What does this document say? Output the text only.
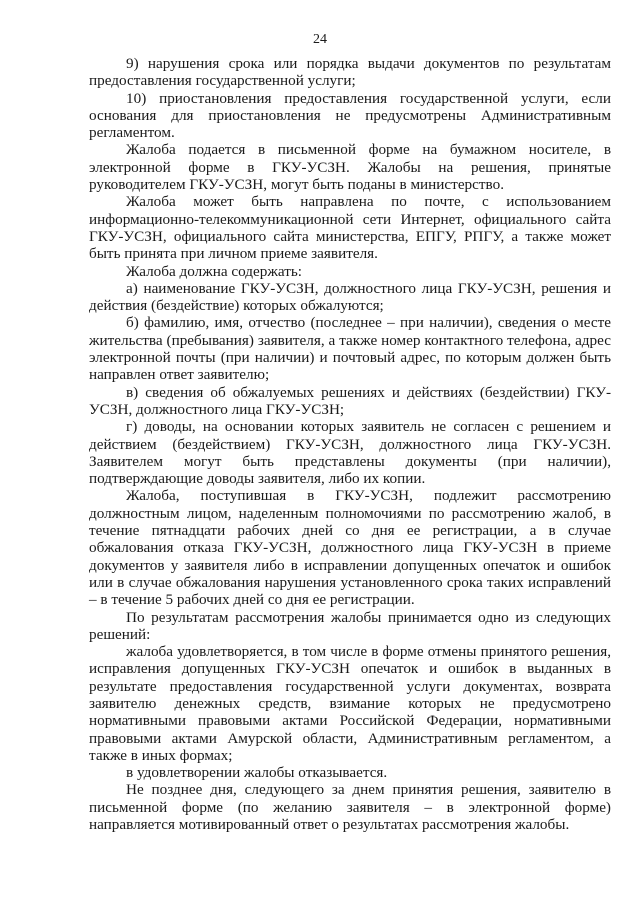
24

9) нарушения срока или порядка выдачи документов по результатам предоставления государственной услуги;

10) приостановления предоставления государственной услуги, если основания для приостановления не предусмотрены Административным регламентом.

Жалоба подается в письменной форме на бумажном носителе, в электронной форме в ГКУ-УСЗН. Жалобы на решения, принятые руководителем ГКУ-УСЗН, могут быть поданы в министерство.

Жалоба может быть направлена по почте, с использованием информационно-телекоммуникационной сети Интернет, официального сайта ГКУ-УСЗН, официального сайта министерства, ЕПГУ, РПГУ, а также может быть принята при личном приеме заявителя.

Жалоба должна содержать:

а) наименование ГКУ-УСЗН, должностного лица ГКУ-УСЗН, решения и действия (бездействие) которых обжалуются;

б) фамилию, имя, отчество (последнее – при наличии), сведения о месте жительства (пребывания) заявителя, а также номер контактного телефона, адрес электронной почты (при наличии) и почтовый адрес, по которым должен быть направлен ответ заявителю;

в) сведения об обжалуемых решениях и действиях (бездействии) ГКУ-УСЗН, должностного лица ГКУ-УСЗН;

г) доводы, на основании которых заявитель не согласен с решением и действием (бездействием) ГКУ-УСЗН, должностного лица ГКУ-УСЗН. Заявителем могут быть представлены документы (при наличии), подтверждающие доводы заявителя, либо их копии.

Жалоба, поступившая в ГКУ-УСЗН, подлежит рассмотрению должностным лицом, наделенным полномочиями по рассмотрению жалоб, в течение пятнадцати рабочих дней со дня ее регистрации, а в случае обжалования отказа ГКУ-УСЗН, должностного лица ГКУ-УСЗН в приеме документов у заявителя либо в исправлении допущенных опечаток и ошибок или в случае обжалования нарушения установленного срока таких исправлений – в течение 5 рабочих дней со дня ее регистрации.

По результатам рассмотрения жалобы принимается одно из следующих решений:

жалоба удовлетворяется, в том числе в форме отмены принятого решения, исправления допущенных ГКУ-УСЗН опечаток и ошибок в выданных в результате предоставления государственной услуги документах, возврата заявителю денежных средств, взимание которых не предусмотрено нормативными правовыми актами Российской Федерации, нормативными правовыми актами Амурской области, Административным регламентом, а также в иных формах;

в удовлетворении жалобы отказывается.

Не позднее дня, следующего за днем принятия решения, заявителю в письменной форме (по желанию заявителя – в электронной форме) направляется мотивированный ответ о результатах рассмотрения жалобы.
